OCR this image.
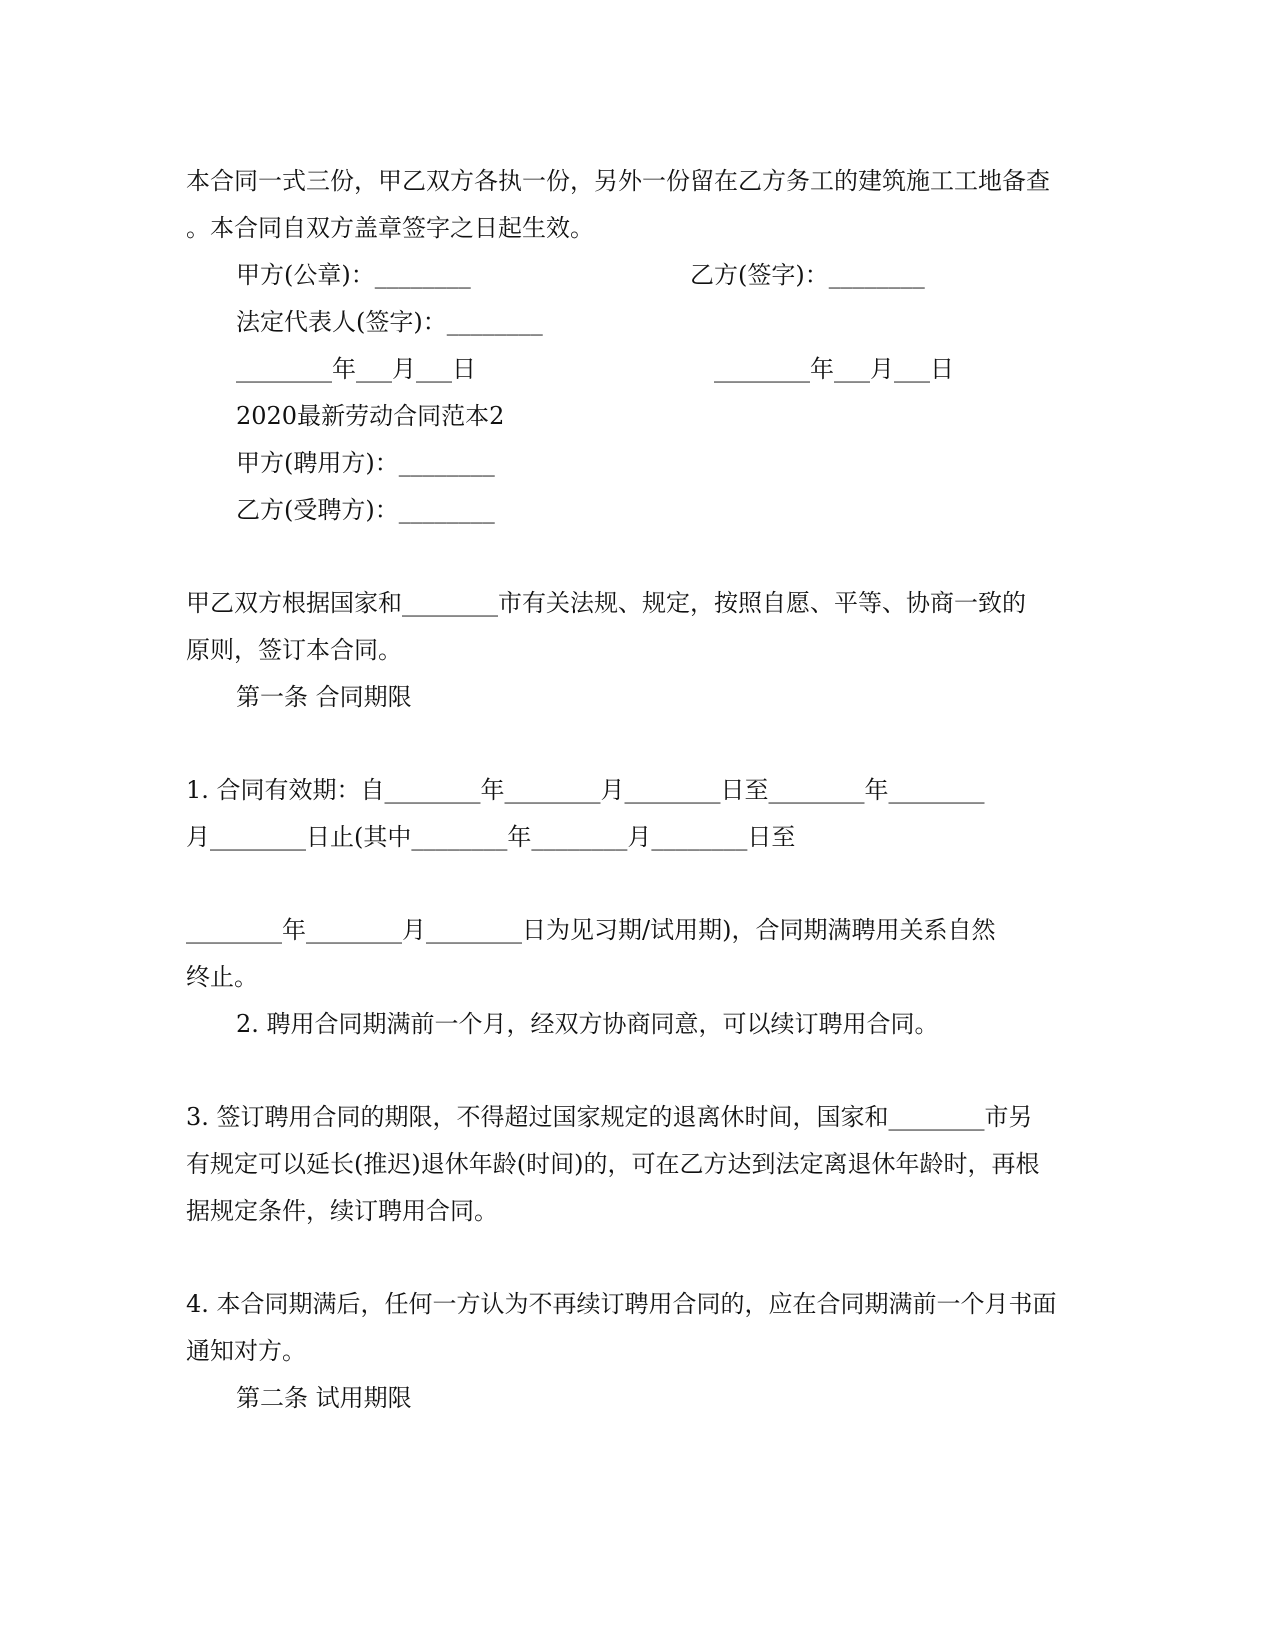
本合同一式三份，甲乙双方各执一份，另外一份留在乙方务工的建筑施工工地备查
。本合同自双方盖章签字之日起生效。
甲方(公章)：________	乙方(签字)：________
法定代表人(签字)：________
________年___月___日	________年___月___日
2020最新劳动合同范本2
甲方(聘用方)：________
乙方(受聘方)：________
甲乙双方根据国家和________市有关法规、规定，按照自愿、平等、协商一致的
原则，签订本合同。
第一条 合同期限
1. 合同有效期：自________年________月________日至________年________
月________日止(其中________年________月________日至
________年________月________日为见习期/试用期)，合同期满聘用关系自然
终止。
2. 聘用合同期满前一个月，经双方协商同意，可以续订聘用合同。
3. 签订聘用合同的期限，不得超过国家规定的退离休时间，国家和________市另
有规定可以延长(推迟)退休年龄(时间)的，可在乙方达到法定离退休年龄时，再根
据规定条件，续订聘用合同。
4. 本合同期满后，任何一方认为不再续订聘用合同的，应在合同期满前一个月书面
通知对方。
第二条 试用期限
